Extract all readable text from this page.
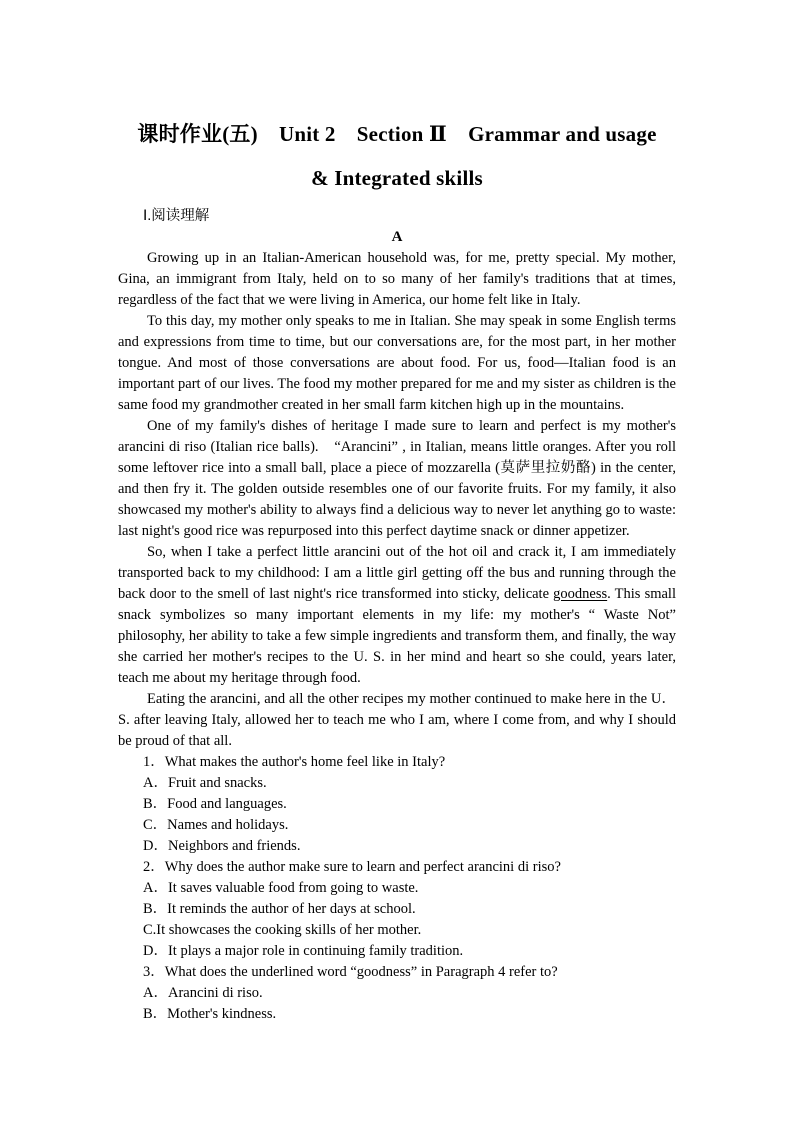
课时作业(五)　Unit 2　Section Ⅱ　Grammar and usage
& Integrated skills
Ⅰ.阅读理解
A

Growing up in an Italian-American household was, for me, pretty special. My mother, Gina, an immigrant from Italy, held on to so many of her family's traditions that at times, regardless of the fact that we were living in America, our home felt like in Italy.

To this day, my mother only speaks to me in Italian. She may speak in some English terms and expressions from time to time, but our conversations are, for the most part, in her mother tongue. And most of those conversations are about food. For us, food—Italian food is an important part of our lives. The food my mother prepared for me and my sister as children is the same food my grandmother created in her small farm kitchen high up in the mountains.

One of my family's dishes of heritage I made sure to learn and perfect is my mother's arancini di riso (Italian rice balls).　“Arancini” , in Italian, means little oranges. After you roll some leftover rice into a small ball, place a piece of mozzarella (莫萨里拉奶酪) in the center, and then fry it. The golden outside resembles one of our favorite fruits. For my family, it also showcased my mother's ability to always find a delicious way to never let anything go to waste: last night's good rice was repurposed into this perfect daytime snack or dinner appetizer.

So, when I take a perfect little arancini out of the hot oil and crack it, I am immediately transported back to my childhood: I am a little girl getting off the bus and running through the back door to the smell of last night's rice transformed into sticky, delicate goodness. This small snack symbolizes so many important elements in my life: my mother's “ Waste Not” philosophy, her ability to take a few simple ingredients and transform them, and finally, the way she carried her mother's recipes to the U. S. in her mind and heart so she could, years later, teach me about my heritage through food.

Eating the arancini, and all the other recipes my mother continued to make here in the U．S. after leaving Italy, allowed her to teach me who I am, where I come from, and why I should be proud of that all.

1．What makes the author's home feel like in Italy?
A．Fruit and snacks.
B．Food and languages.
C．Names and holidays.
D．Neighbors and friends.
2．Why does the author make sure to learn and perfect arancini di riso?
A．It saves valuable food from going to waste.
B．It reminds the author of her days at school.
C.It showcases the cooking skills of her mother.
D．It plays a major role in continuing family tradition.
3．What does the underlined word “goodness” in Paragraph 4 refer to?
A．Arancini di riso.
B．Mother's kindness.
